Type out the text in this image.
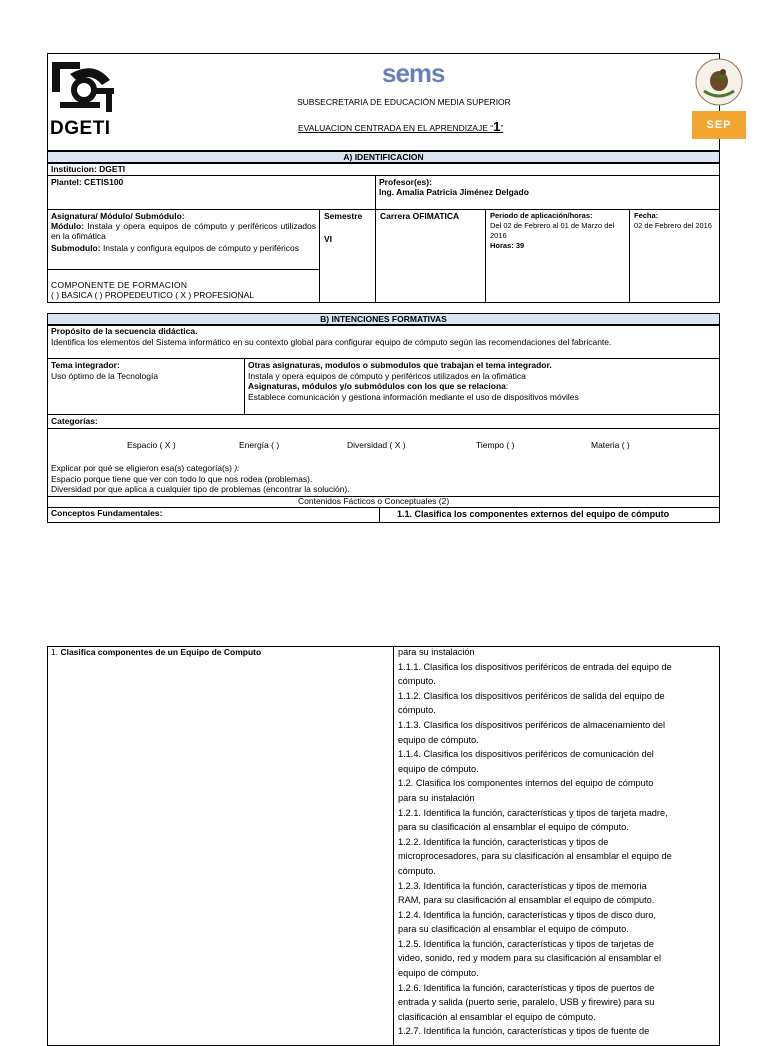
DGETI
sems
SUBSECRETARIA DE EDUCACIÓN MEDIA SUPERIOR
EVALUACION CENTRADA EN EL APRENDIZAJE “1”	SEP
A) IDENTIFICACION
Institucion: DGETI
Plantel: CETIS100	Profesor(es):
Ing. Amalia Patricia Jiménez Delgado
Asignatura/ Módulo/ Submódulo:
Módulo: Instala y opera equipos de cómputo y periféricos utilizados en la ofimática
Submodulo: Instala y configura equipos de cómputo y periféricos
COMPONENTE DE FORMACION
( ) BASICA ( ) PROPEDEUTICO ( X ) PROFESIONAL
Semestre
VI
Carrera OFIMATICA	Periodo de aplicación/horas:
Del 02 de Febrero al 01 de Marzo del 2016
Horas: 39
Fecha:
02 de Febrero del 2016
B) INTENCIONES FORMATIVAS
Propósito de la secuencia didáctica.
Identifica los elementos del Sistema informático en su contexto global para configurar equipo de cómputo según las recomendaciones del fabricante.
Tema integrador:
Uso óptimo de la Tecnología
Otras asignaturas, modulos o submodulos que trabajan el tema integrador.
Instala y opera equipos de cómputo y periféricos utilizados en la ofimática
Asignaturas, módulos y/o submódulos con los que se relaciona:
Establece comunicación y gestiona información mediante el uso de dispositivos móviles
Categorías:
Espacio ( X )	Energía ( )	Diversidad ( X )	Tiempo ( )	Materia ( )
Explicar por qué se eligieron esa(s) categoría(s) ):
Espacio porque tiene que ver con todo lo que nos rodea (problemas).
Diversidad por que aplica a cualquier tipo de problemas (encontrar la solución).
Contenidos Fácticos o Conceptuales (2)
Conceptos Fundamentales:	1.1. Clasifica los componentes externos del equipo de cómputo
1. Clasifica componentes de un Equipo de Computo	para su instalación
1.1.1. Clasifica los dispositivos periféricos de entrada del equipo de
cómputo.
1.1.2. Clasifica los dispositivos periféricos de salida del equipo de
cómputo.
1.1.3. Clasifica los dispositivos periféricos de almacenamiento del
equipo de cómputo.
1.1.4. Clasifica los dispositivos periféricos de comunicación del
equipo de cómputo.
1.2. Clasifica los componentes internos del equipo de cómputo
para su instalación
1.2.1. Identifica la función, características y tipos de tarjeta madre,
para su clasificación al ensamblar el equipo de cómputo.
1.2.2. Identifica la función, características y tipos de
microprocesadores, para su clasificación al ensamblar el equipo de
cómputo.
1.2.3. Identifica la función, características y tipos de memoria
RAM, para su clasificación al ensamblar el equipo de cómputo.
1.2.4. Identifica la función, características y tipos de disco duro,
para su clasificación al ensamblar el equipo de cómputo.
1.2.5. Identifica la función, características y tipos de tarjetas de
video, sonido, red y modem para su clasificación al ensamblar el
equipo de cómputo.
1.2.6. Identifica la función, características y tipos de puertos de
entrada y salida (puerto serie, paralelo, USB y firewire) para su
clasificación al ensamblar el equipo de cómputo.
1.2.7. Identifica la función, características y tipos de fuente de
